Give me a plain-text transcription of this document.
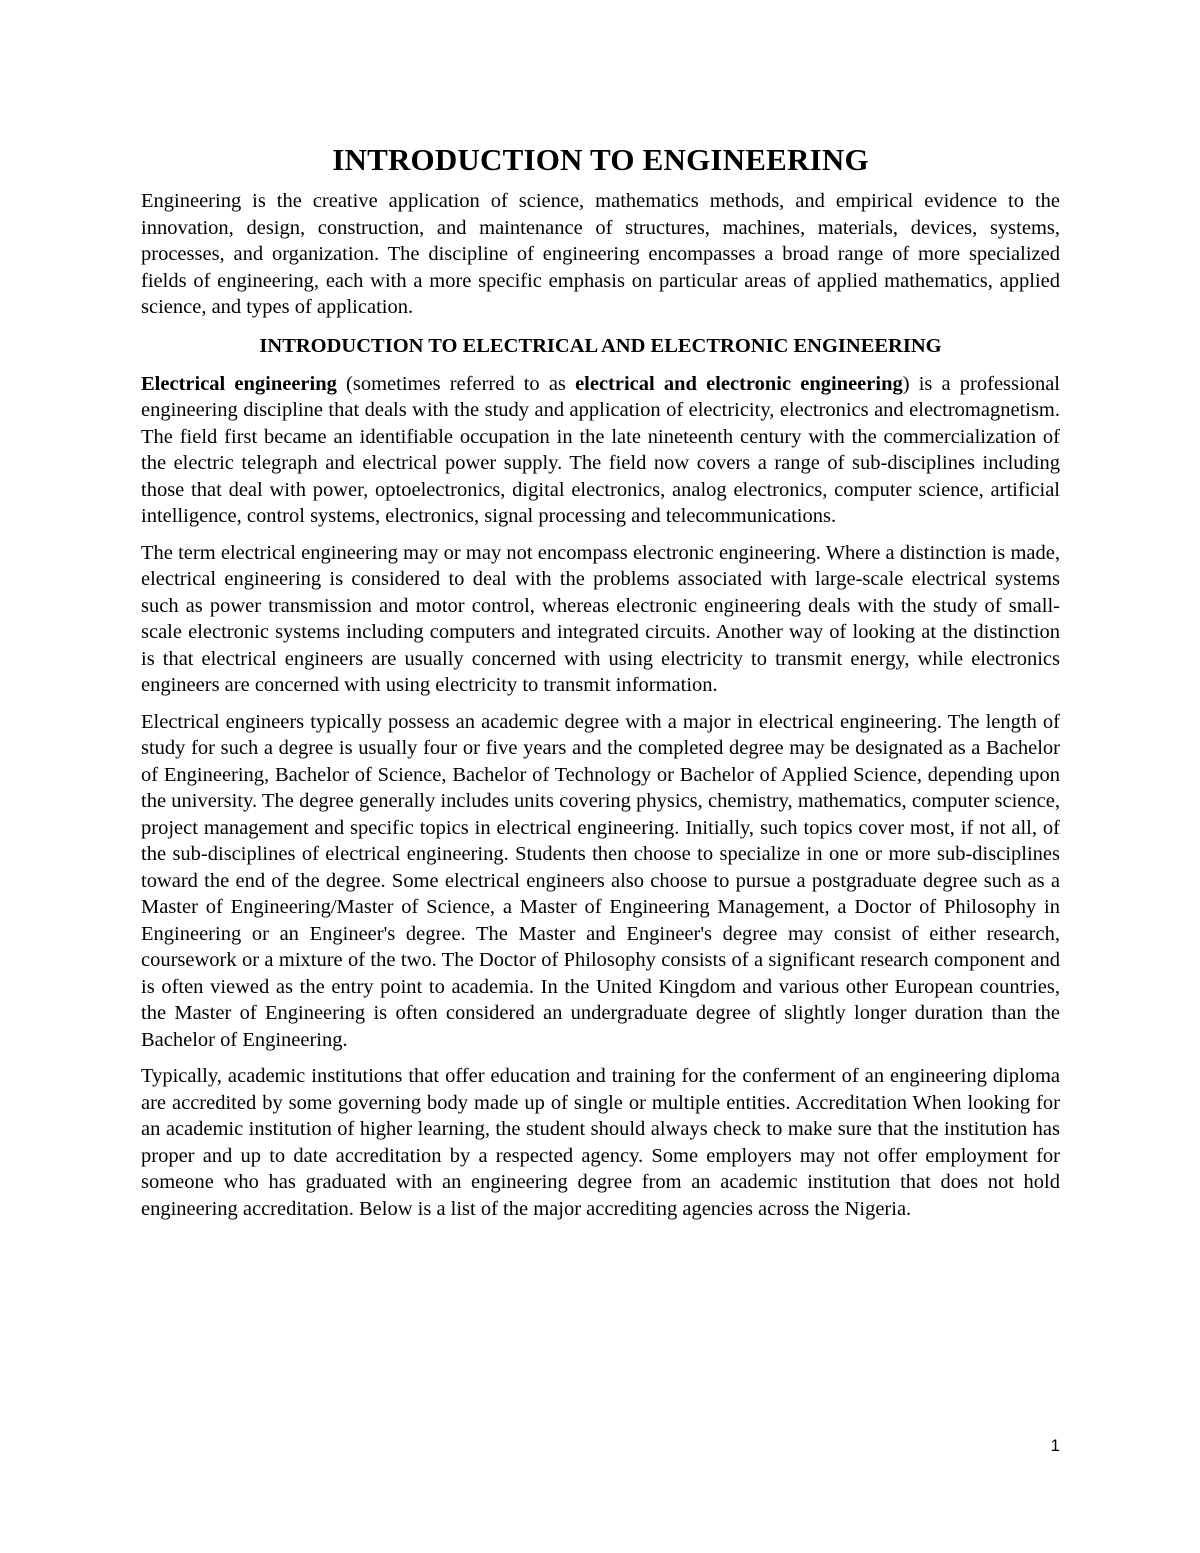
INTRODUCTION TO ENGINEERING

Engineering is the creative application of science, mathematics methods, and empirical evidence to the innovation, design, construction, and maintenance of structures, machines, materials, devices, systems, processes, and organization. The discipline of engineering encompasses a broad range of more specialized fields of engineering, each with a more specific emphasis on particular areas of applied mathematics, applied science, and types of application.

INTRODUCTION TO ELECTRICAL AND ELECTRONIC ENGINEERING

Electrical engineering (sometimes referred to as electrical and electronic engineering) is a professional engineering discipline that deals with the study and application of electricity, electronics and electromagnetism. The field first became an identifiable occupation in the late nineteenth century with the commercialization of the electric telegraph and electrical power supply. The field now covers a range of sub-disciplines including those that deal with power, optoelectronics, digital electronics, analog electronics, computer science, artificial intelligence, control systems, electronics, signal processing and telecommunications.

The term electrical engineering may or may not encompass electronic engineering. Where a distinction is made, electrical engineering is considered to deal with the problems associated with large-scale electrical systems such as power transmission and motor control, whereas electronic engineering deals with the study of small-scale electronic systems including computers and integrated circuits. Another way of looking at the distinction is that electrical engineers are usually concerned with using electricity to transmit energy, while electronics engineers are concerned with using electricity to transmit information.

Electrical engineers typically possess an academic degree with a major in electrical engineering. The length of study for such a degree is usually four or five years and the completed degree may be designated as a Bachelor of Engineering, Bachelor of Science, Bachelor of Technology or Bachelor of Applied Science, depending upon the university. The degree generally includes units covering physics, chemistry, mathematics, computer science, project management and specific topics in electrical engineering. Initially, such topics cover most, if not all, of the sub-disciplines of electrical engineering. Students then choose to specialize in one or more sub-disciplines toward the end of the degree. Some electrical engineers also choose to pursue a postgraduate degree such as a Master of Engineering/Master of Science, a Master of Engineering Management, a Doctor of Philosophy in Engineering or an Engineer's degree. The Master and Engineer's degree may consist of either research, coursework or a mixture of the two. The Doctor of Philosophy consists of a significant research component and is often viewed as the entry point to academia. In the United Kingdom and various other European countries, the Master of Engineering is often considered an undergraduate degree of slightly longer duration than the Bachelor of Engineering.

Typically, academic institutions that offer education and training for the conferment of an engineering diploma are accredited by some governing body made up of single or multiple entities. Accreditation When looking for an academic institution of higher learning, the student should always check to make sure that the institution has proper and up to date accreditation by a respected agency. Some employers may not offer employment for someone who has graduated with an engineering degree from an academic institution that does not hold engineering accreditation. Below is a list of the major accrediting agencies across the Nigeria.

1
